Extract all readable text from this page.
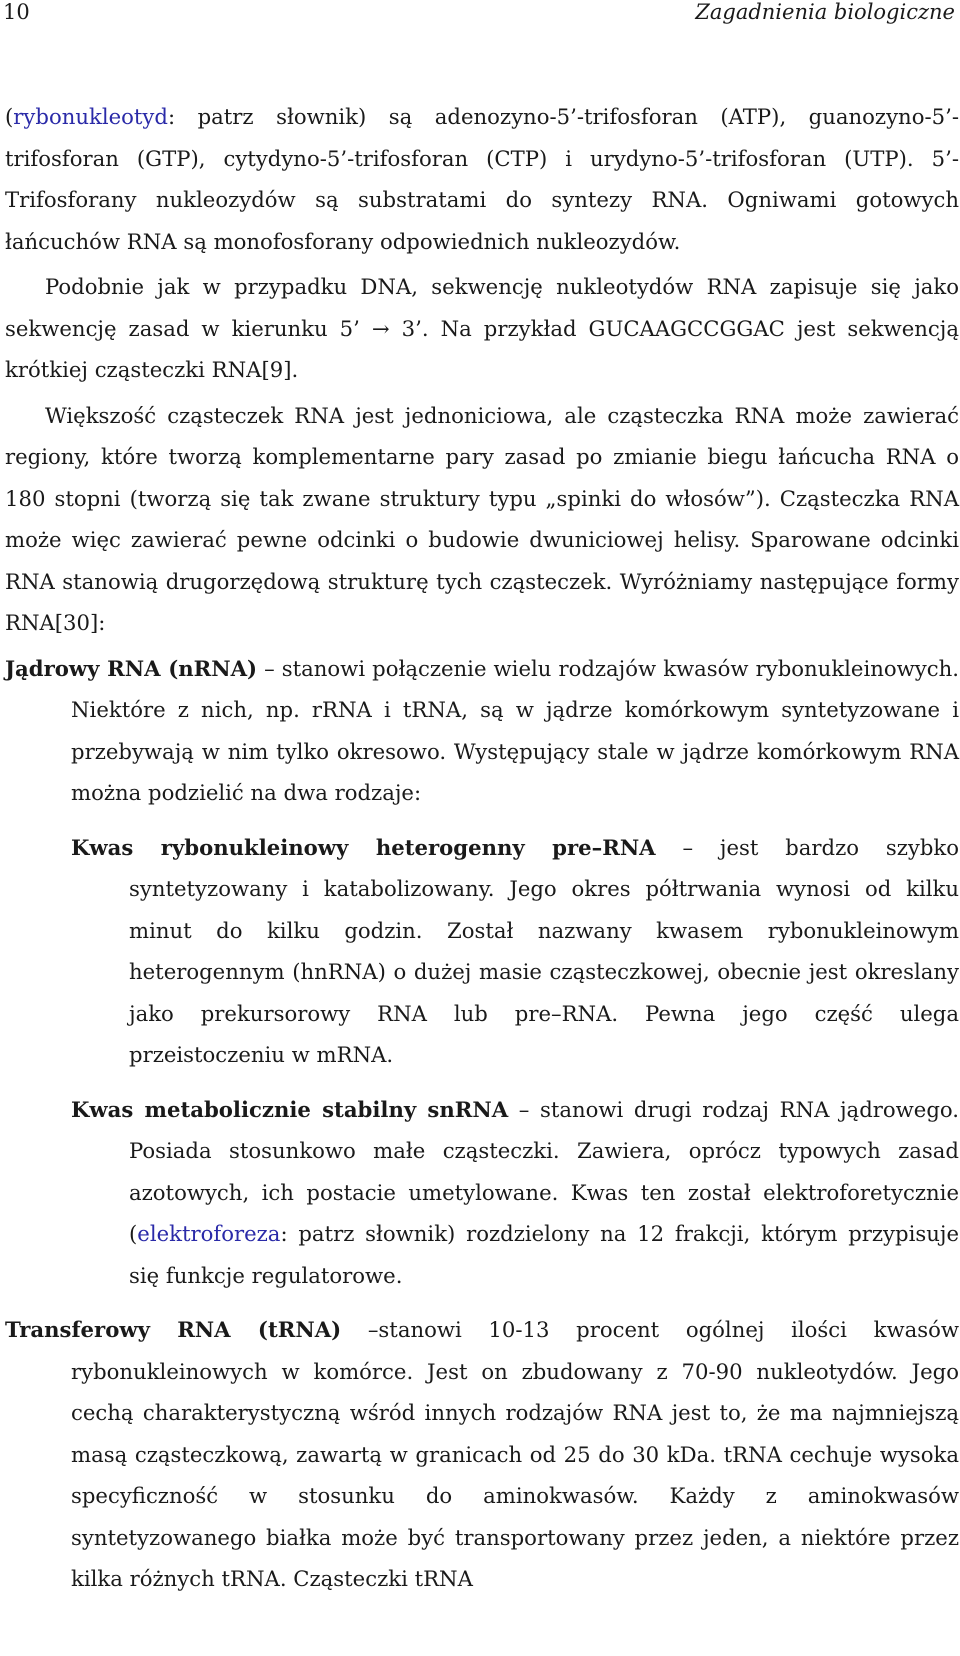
10	Zagadnienia biologiczne

(rybonukleotyd: patrz słownik) są adenozyno-5’-trifosforan (ATP), guanozyno-5’-trifosforan (GTP), cytydyno-5’-trifosforan (CTP) i urydyno-5’-trifosforan (UTP). 5’-Trifosforany nukleozydów są substratami do syntezy RNA. Ogniwami gotowych łańcuchów RNA są monofosforany odpowiednich nukleozydów.

Podobnie jak w przypadku DNA, sekwencję nukleotydów RNA zapisuje się jako sekwencję zasad w kierunku 5’ → 3’. Na przykład GUCAAGCCGGAC jest sekwencją krótkiej cząsteczki RNA[9].

Większość cząsteczek RNA jest jednoniciowa, ale cząsteczka RNA może zawierać regiony, które tworzą komplementarne pary zasad po zmianie biegu łańcucha RNA o 180 stopni (tworzą się tak zwane struktury typu „spinki do włosów”). Cząsteczka RNA może więc zawierać pewne odcinki o budowie dwuniciowej helisy. Sparowane odcinki RNA stanowią drugorzędową strukturę tych cząsteczek. Wyróżniamy następujące formy RNA[30]:

Jądrowy RNA (nRNA) – stanowi połączenie wielu rodzajów kwasów rybonukleinowych. Niektóre z nich, np. rRNA i tRNA, są w jądrze komórkowym syntetyzowane i przebywają w nim tylko okresowo. Występujący stale w jądrze komórkowym RNA można podzielić na dwa rodzaje:

Kwas rybonukleinowy heterogenny pre–RNA – jest bardzo szybko syntetyzowany i katabolizowany. Jego okres półtrwania wynosi od kilku minut do kilku godzin. Został nazwany kwasem rybonukleinowym heterogennym (hnRNA) o dużej masie cząsteczkowej, obecnie jest okreslany jako prekursorowy RNA lub pre–RNA. Pewna jego część ulega przeistoczeniu w mRNA.

Kwas metabolicznie stabilny snRNA – stanowi drugi rodzaj RNA jądrowego. Posiada stosunkowo małe cząsteczki. Zawiera, oprócz typowych zasad azotowych, ich postacie umetylowane. Kwas ten został elektroforetycznie (elektroforeza: patrz słownik) rozdzielony na 12 frakcji, którym przypisuje się funkcje regulatorowe.

Transferowy RNA (tRNA) –stanowi 10-13 procent ogólnej ilości kwasów rybonukleinowych w komórce. Jest on zbudowany z 70-90 nukleotydów. Jego cechą charakterystyczną wśród innych rodzajów RNA jest to, że ma najmniejszą masą cząsteczkową, zawartą w granicach od 25 do 30 kDa. tRNA cechuje wysoka specyficzność w stosunku do aminokwasów. Każdy z aminokwasów syntetyzowanego białka może być transportowany przez jeden, a niektóre przez kilka różnych tRNA. Cząsteczki tRNA
